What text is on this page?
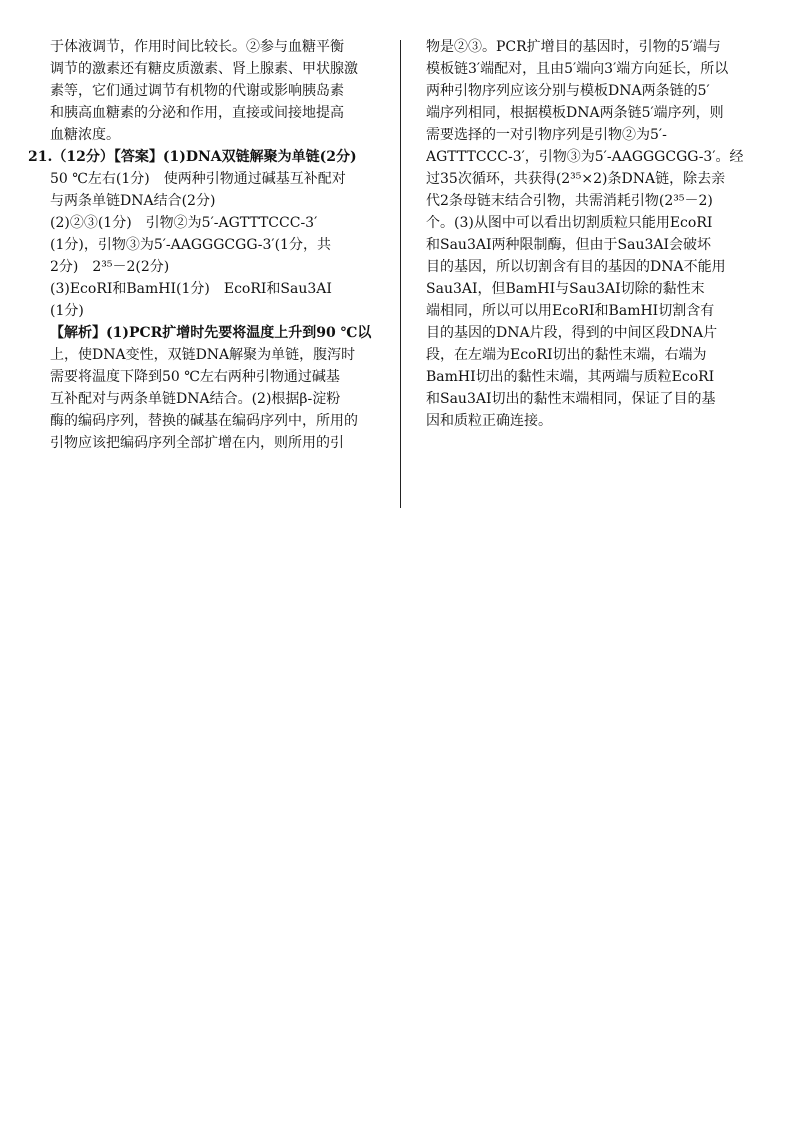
于体液调节，作用时间比较长。②参与血糖平衡
调节的激素还有糖皮质激素、肾上腺素、甲状腺激
素等，它们通过调节有机物的代谢或影响胰岛素
和胰高血糖素的分泌和作用，直接或间接地提高
血糖浓度。
21.（12分）【答案】(1)DNA双链解聚为单链(2分)
50 ℃左右(1分)　使两种引物通过碱基互补配对
与两条单链DNA结合(2分)
(2)②③(1分)　引物②为5′-AGTTTCCC-3′
(1分)，引物③为5′-AAGGGCGG-3′(1分，共
2分)　2³⁵－2(2分)
(3)EcoRⅠ和BamHⅠ(1分)　EcoRⅠ和Sau3AⅠ
(1分)
【解析】(1)PCR扩增时先要将温度上升到90 ℃以
上，使DNA变性，双链DNA解聚为单链，腹泻时
需要将温度下降到50 ℃左右两种引物通过碱基
互补配对与两条单链DNA结合。(2)根据β-淀粉
酶的编码序列，替换的碱基在编码序列中，所用的
引物应该把编码序列全部扩增在内，则所用的引
物是②③。PCR扩增目的基因时，引物的5′端与
模板链3′端配对，且由5′端向3′端方向延长，所以
两种引物序列应该分别与模板DNA两条链的5′
端序列相同，根据模板DNA两条链5′端序列，则
需要选择的一对引物序列是引物②为5′-
AGTTTCCC-3′，引物③为5′-AAGGGCGG-3′。经
过35次循环，共获得(2³⁵×2)条DNA链，除去亲
代2条母链末结合引物，共需消耗引物(2³⁵－2)
个。(3)从图中可以看出切割质粒只能用EcoRⅠ
和Sau3AⅠ两种限制酶，但由于Sau3AⅠ会破坏
目的基因，所以切割含有目的基因的DNA不能用
Sau3AⅠ，但BamHⅠ与Sau3AⅠ切除的黏性末
端相同，所以可以用EcoRⅠ和BamHⅠ切割含有
目的基因的DNA片段，得到的中间区段DNA片
段，在左端为EcoRⅠ切出的黏性末端，右端为
BamHⅠ切出的黏性末端，其两端与质粒EcoRⅠ
和Sau3AⅠ切出的黏性末端相同，保证了目的基
因和质粒正确连接。
